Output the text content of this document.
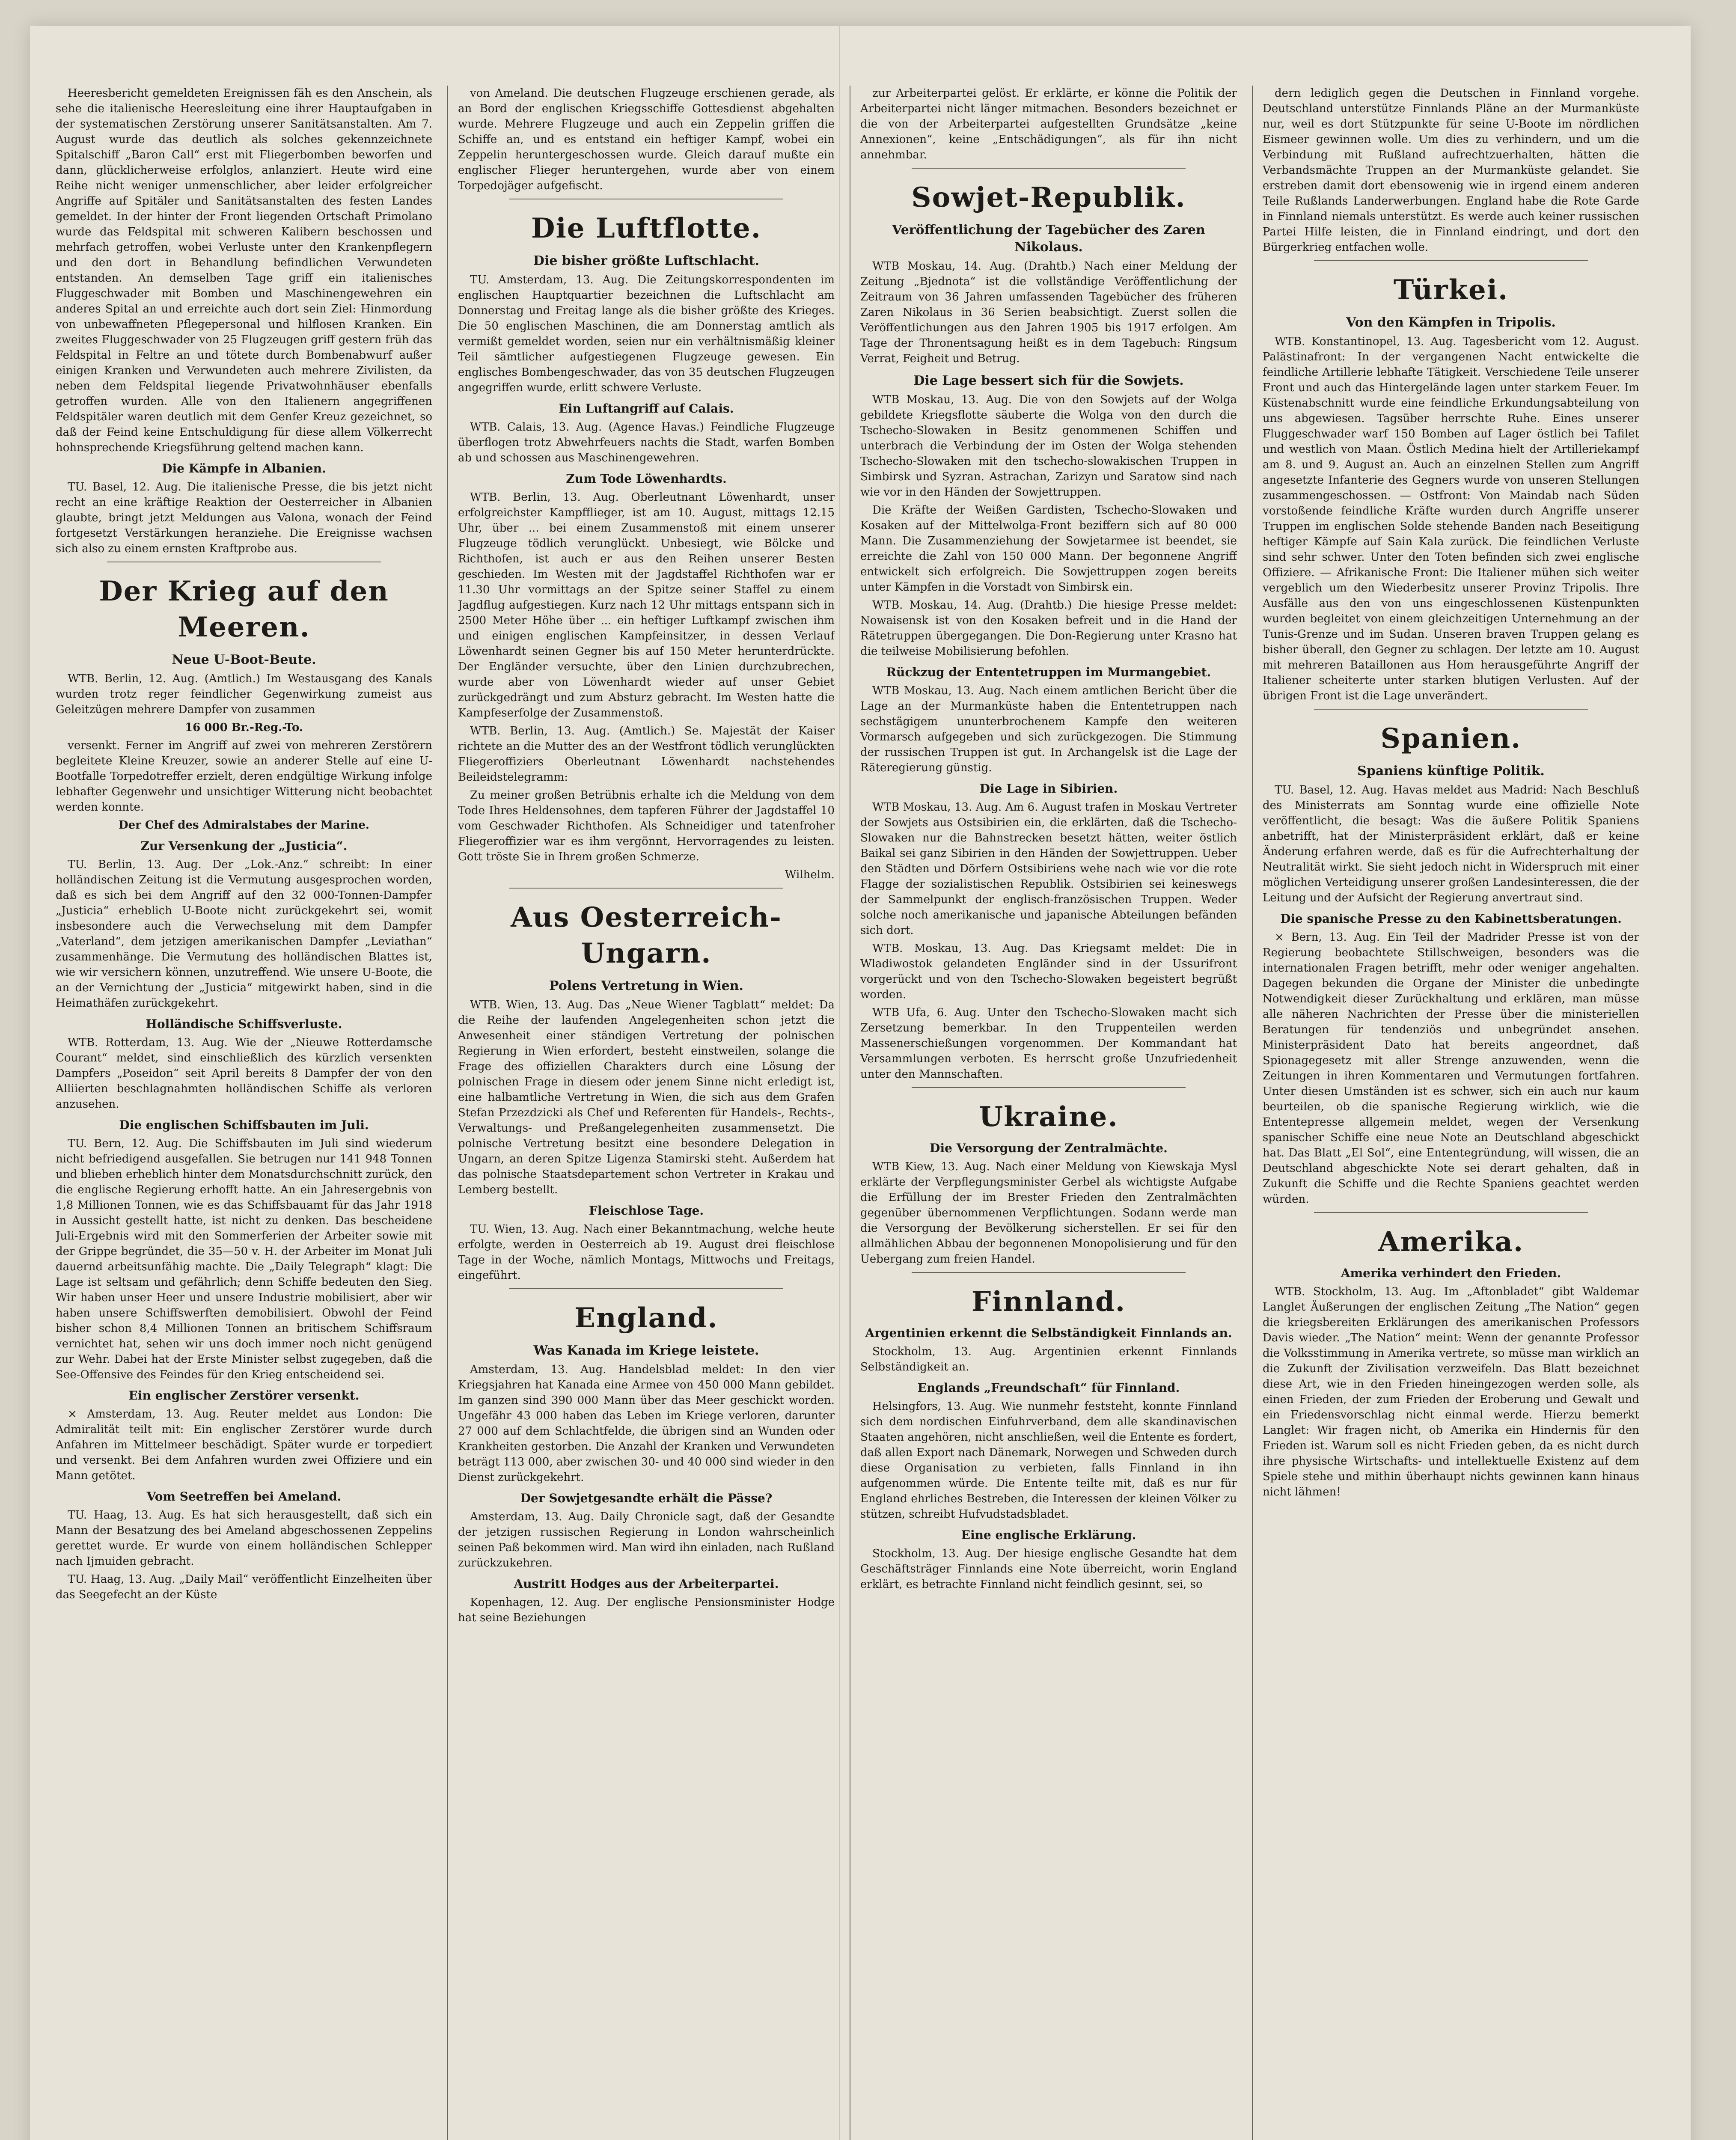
Heeresbericht gemeldeten Ereignissen fäh es den Anschein, als sehe die italienische Heeresleitung eine ihrer Hauptaufgaben in der systematischen Zerstörung unserer Sanitätsanstalten. Am 7. August wurde das deutlich als solches gekennzeichnete Spitalschiff „Baron Call“ erst mit Fliegerbomben beworfen und dann, glücklicherweise erfolglos, anlanziert. Heute wird eine Reihe nicht weniger unmenschlicher, aber leider erfolgreicher Angriffe auf Spitäler und Sanitätsanstalten des festen Landes gemeldet. In der hinter der Front liegenden Ortschaft Primolano wurde das Feldspital mit schweren Kalibern beschossen und mehrfach getroffen, wobei Verluste unter den Krankenpflegern und den dort in Behandlung befindlichen Verwundeten entstanden. An demselben Tage griff ein italienisches Fluggeschwader mit Bomben und Maschinengewehren ein anderes Spital an und erreichte auch dort sein Ziel: Hinmordung von unbewaffneten Pflegepersonal und hilflosen Kranken. Ein zweites Fluggeschwader von 25 Flugzeugen griff gestern früh das Feldspital in Feltre an und tötete durch Bombenabwurf außer einigen Kranken und Verwundeten auch mehrere Zivilisten, da neben dem Feldspital liegende Privatwohnhäuser ebenfalls getroffen wurden. Alle von den Italienern angegriffenen Feldspitäler waren deutlich mit dem Genfer Kreuz gezeichnet, so daß der Feind keine Entschuldigung für diese allem Völkerrecht hohnsprechende Kriegsführung geltend machen kann.

Die Kämpfe in Albanien.

TU. Basel, 12. Aug. Die italienische Presse, die bis jetzt nicht recht an eine kräftige Reaktion der Oesterreicher in Albanien glaubte, bringt jetzt Meldungen aus Valona, wonach der Feind fortgesetzt Verstärkungen heranziehe. Die Ereignisse wachsen sich also zu einem ernsten Kraftprobe aus.

Der Krieg auf den Meeren.
Neue U-Boot-Beute.

WTB. Berlin, 12. Aug. (Amtlich.) Im Westausgang des Kanals wurden trotz reger feindlicher Gegenwirkung zumeist aus Geleitzügen mehrere Dampfer von zusammen

16 000 Br.-Reg.-To.

versenkt. Ferner im Angriff auf zwei von mehreren Zerstörern begleitete Kleine Kreuzer, sowie an anderer Stelle auf eine U-Bootfalle Torpedotreffer erzielt, deren endgültige Wirkung infolge lebhafter Gegenwehr und unsichtiger Witterung nicht beobachtet werden konnte.

Der Chef des Admiralstabes der Marine.

Zur Versenkung der „Justicia“.

TU. Berlin, 13. Aug. Der „Lok.-Anz.“ schreibt: In einer holländischen Zeitung ist die Vermutung ausgesprochen worden, daß es sich bei dem Angriff auf den 32 000-Tonnen-Dampfer „Justicia“ erheblich U-Boote nicht zurückgekehrt sei, womit insbesondere auch die Verwechselung mit dem Dampfer „Vaterland“, dem jetzigen amerikanischen Dampfer „Leviathan“ zusammenhänge. Die Vermutung des holländischen Blattes ist, wie wir versichern können, unzutreffend. Wie unsere U-Boote, die an der Vernichtung der „Justicia“ mitgewirkt haben, sind in die Heimathäfen zurückgekehrt.

Holländische Schiffsverluste.

WTB. Rotterdam, 13. Aug. Wie der „Nieuwe Rotterdamsche Courant“ meldet, sind einschließlich des kürzlich versenkten Dampfers „Poseidon“ seit April bereits 8 Dampfer der von den Alliierten beschlagnahmten holländischen Schiffe als verloren anzusehen.

Die englischen Schiffsbauten im Juli.

TU. Bern, 12. Aug. Die Schiffsbauten im Juli sind wiederum nicht befriedigend ausgefallen. Sie betrugen nur 141 948 Tonnen und blieben erheblich hinter dem Monatsdurchschnitt zurück, den die englische Regierung erhofft hatte. An ein Jahresergebnis von 1,8 Millionen Tonnen, wie es das Schiffsbauamt für das Jahr 1918 in Aussicht gestellt hatte, ist nicht zu denken. Das bescheidene Juli-Ergebnis wird mit den Sommerferien der Arbeiter sowie mit der Grippe begründet, die 35—50 v. H. der Arbeiter im Monat Juli dauernd arbeitsunfähig machte. Die „Daily Telegraph“ klagt: Die Lage ist seltsam und gefährlich; denn Schiffe bedeuten den Sieg. Wir haben unser Heer und unsere Industrie mobilisiert, aber wir haben unsere Schiffswerften demobilisiert. Obwohl der Feind bisher schon 8,4 Millionen Tonnen an britischem Schiffsraum vernichtet hat, sehen wir uns doch immer noch nicht genügend zur Wehr. Dabei hat der Erste Minister selbst zugegeben, daß die See-Offensive des Feindes für den Krieg entscheidend sei.

Ein englischer Zerstörer versenkt.

× Amsterdam, 13. Aug. Reuter meldet aus London: Die Admiralität teilt mit: Ein englischer Zerstörer wurde durch Anfahren im Mittelmeer beschädigt. Später wurde er torpediert und versenkt. Bei dem Anfahren wurden zwei Offiziere und ein Mann getötet.

Vom Seetreffen bei Ameland.

TU. Haag, 13. Aug. Es hat sich herausgestellt, daß sich ein Mann der Besatzung des bei Ameland abgeschossenen Zeppelins gerettet wurde. Er wurde von einem holländischen Schlepper nach Ijmuiden gebracht.

TU. Haag, 13. Aug. „Daily Mail“ veröffentlicht Einzelheiten über das Seegefecht an der Küste

von Ameland. Die deutschen Flugzeuge erschienen gerade, als an Bord der englischen Kriegsschiffe Gottesdienst abgehalten wurde. Mehrere Flugzeuge und auch ein Zeppelin griffen die Schiffe an, und es entstand ein heftiger Kampf, wobei ein Zeppelin heruntergeschossen wurde. Gleich darauf mußte ein englischer Flieger heruntergehen, wurde aber von einem Torpedojäger aufgefischt.

Die Luftflotte.
Die bisher größte Luftschlacht.

TU. Amsterdam, 13. Aug. Die Zeitungskorrespondenten im englischen Hauptquartier bezeichnen die Luftschlacht am Donnerstag und Freitag lange als die bisher größte des Krieges. Die 50 englischen Maschinen, die am Donnerstag amtlich als vermißt gemeldet worden, seien nur ein verhältnismäßig kleiner Teil sämtlicher aufgestiegenen Flugzeuge gewesen. Ein englisches Bombengeschwader, das von 35 deutschen Flugzeugen angegriffen wurde, erlitt schwere Verluste.

Ein Luftangriff auf Calais.

WTB. Calais, 13. Aug. (Agence Havas.) Feindliche Flugzeuge überflogen trotz Abwehrfeuers nachts die Stadt, warfen Bomben ab und schossen aus Maschinengewehren.

Zum Tode Löwenhardts.

WTB. Berlin, 13. Aug. Oberleutnant Löwenhardt, unser erfolgreichster Kampfflieger, ist am 10. August, mittags 12.15 Uhr, über ... bei einem Zusammenstoß mit einem unserer Flugzeuge tödlich verunglückt. Unbesiegt, wie Bölcke und Richthofen, ist auch er aus den Reihen unserer Besten geschieden. Im Westen mit der Jagdstaffel Richthofen war er 11.30 Uhr vormittags an der Spitze seiner Staffel zu einem Jagdflug aufgestiegen. Kurz nach 12 Uhr mittags entspann sich in 2500 Meter Höhe über ... ein heftiger Luftkampf zwischen ihm und einigen englischen Kampfeinsitzer, in dessen Verlauf Löwenhardt seinen Gegner bis auf 150 Meter herunterdrückte. Der Engländer versuchte, über den Linien durchzubrechen, wurde aber von Löwenhardt wieder auf unser Gebiet zurückgedrängt und zum Absturz gebracht. Im Westen hatte die Kampfeserfolge der Zusammenstoß.

WTB. Berlin, 13. Aug. (Amtlich.) Se. Majestät der Kaiser richtete an die Mutter des an der Westfront tödlich verunglückten Fliegeroffiziers Oberleutnant Löwenhardt nachstehendes Beileidstelegramm:

Zu meiner großen Betrübnis erhalte ich die Meldung von dem Tode Ihres Heldensohnes, dem tapferen Führer der Jagdstaffel 10 vom Geschwader Richthofen. Als Schneidiger und tatenfroher Fliegeroffizier war es ihm vergönnt, Hervorragendes zu leisten. Gott tröste Sie in Ihrem großen Schmerze.

Wilhelm.

Aus Oesterreich-Ungarn.
Polens Vertretung in Wien.

WTB. Wien, 13. Aug. Das „Neue Wiener Tagblatt“ meldet: Da die Reihe der laufenden Angelegenheiten schon jetzt die Anwesenheit einer ständigen Vertretung der polnischen Regierung in Wien erfordert, besteht einstweilen, solange die Frage des offiziellen Charakters durch eine Lösung der polnischen Frage in diesem oder jenem Sinne nicht erledigt ist, eine halbamtliche Vertretung in Wien, die sich aus dem Grafen Stefan Przezdzicki als Chef und Referenten für Handels-, Rechts-, Verwaltungs- und Preßangelegenheiten zusammensetzt. Die polnische Vertretung besitzt eine besondere Delegation in Ungarn, an deren Spitze Ligenza Stamirski steht. Außerdem hat das polnische Staatsdepartement schon Vertreter in Krakau und Lemberg bestellt.

Fleischlose Tage.

TU. Wien, 13. Aug. Nach einer Bekanntmachung, welche heute erfolgte, werden in Oesterreich ab 19. August drei fleischlose Tage in der Woche, nämlich Montags, Mittwochs und Freitags, eingeführt.

England.
Was Kanada im Kriege leistete.

Amsterdam, 13. Aug. Handelsblad meldet: In den vier Kriegsjahren hat Kanada eine Armee von 450 000 Mann gebildet. Im ganzen sind 390 000 Mann über das Meer geschickt worden. Ungefähr 43 000 haben das Leben im Kriege verloren, darunter 27 000 auf dem Schlachtfelde, die übrigen sind an Wunden oder Krankheiten gestorben. Die Anzahl der Kranken und Verwundeten beträgt 113 000, aber zwischen 30- und 40 000 sind wieder in den Dienst zurückgekehrt.

Der Sowjetgesandte erhält die Pässe?

Amsterdam, 13. Aug. Daily Chronicle sagt, daß der Gesandte der jetzigen russischen Regierung in London wahrscheinlich seinen Paß bekommen wird. Man wird ihn einladen, nach Rußland zurückzukehren.

Austritt Hodges aus der Arbeiterpartei.

Kopenhagen, 12. Aug. Der englische Pensionsminister Hodge hat seine Beziehungen

zur Arbeiterpartei gelöst. Er erklärte, er könne die Politik der Arbeiterpartei nicht länger mitmachen. Besonders bezeichnet er die von der Arbeiterpartei aufgestellten Grundsätze „keine Annexionen“, keine „Entschädigungen“, als für ihn nicht annehmbar.

Sowjet-Republik.
Veröffentlichung der Tagebücher des Zaren Nikolaus.

WTB Moskau, 14. Aug. (Drahtb.) Nach einer Meldung der Zeitung „Bjednota“ ist die vollständige Veröffentlichung der Zeitraum von 36 Jahren umfassenden Tagebücher des früheren Zaren Nikolaus in 36 Serien beabsichtigt. Zuerst sollen die Veröffentlichungen aus den Jahren 1905 bis 1917 erfolgen. Am Tage der Thronentsagung heißt es in dem Tagebuch: Ringsum Verrat, Feigheit und Betrug.

Die Lage bessert sich für die Sowjets.

WTB Moskau, 13. Aug. Die von den Sowjets auf der Wolga gebildete Kriegsflotte säuberte die Wolga von den durch die Tschecho-Slowaken in Besitz genommenen Schiffen und unterbrach die Verbindung der im Osten der Wolga stehenden Tschecho-Slowaken mit den tschecho-slowakischen Truppen in Simbirsk und Syzran. Astrachan, Zarizyn und Saratow sind nach wie vor in den Händen der Sowjettruppen.

Die Kräfte der Weißen Gardisten, Tschecho-Slowaken und Kosaken auf der Mittelwolga-Front beziffern sich auf 80 000 Mann. Die Zusammenziehung der Sowjetarmee ist beendet, sie erreichte die Zahl von 150 000 Mann. Der begonnene Angriff entwickelt sich erfolgreich. Die Sowjettruppen zogen bereits unter Kämpfen in die Vorstadt von Simbirsk ein.

WTB. Moskau, 14. Aug. (Drahtb.) Die hiesige Presse meldet: Nowaisensk ist von den Kosaken befreit und in die Hand der Rätetruppen übergegangen. Die Don-Regierung unter Krasno hat die teilweise Mobilisierung befohlen.

Rückzug der Ententetruppen im Murmangebiet.

WTB Moskau, 13. Aug. Nach einem amtlichen Bericht über die Lage an der Murmanküste haben die Ententetruppen nach sechstägigem ununterbrochenem Kampfe den weiteren Vormarsch aufgegeben und sich zurückgezogen. Die Stimmung der russischen Truppen ist gut. In Archangelsk ist die Lage der Räteregierung günstig.

Die Lage in Sibirien.

WTB Moskau, 13. Aug. Am 6. August trafen in Moskau Vertreter der Sowjets aus Ostsibirien ein, die erklärten, daß die Tschecho-Slowaken nur die Bahnstrecken besetzt hätten, weiter östlich Baikal sei ganz Sibirien in den Händen der Sowjettruppen. Ueber den Städten und Dörfern Ostsibiriens wehe nach wie vor die rote Flagge der sozialistischen Republik. Ostsibirien sei keineswegs der Sammelpunkt der englisch-französischen Truppen. Weder solche noch amerikanische und japanische Abteilungen befänden sich dort.

WTB. Moskau, 13. Aug. Das Kriegsamt meldet: Die in Wladiwostok gelandeten Engländer sind in der Ussurifront vorgerückt und von den Tschecho-Slowaken begeistert begrüßt worden.

WTB Ufa, 6. Aug. Unter den Tschecho-Slowaken macht sich Zersetzung bemerkbar. In den Truppenteilen werden Massenerschießungen vorgenommen. Der Kommandant hat Versammlungen verboten. Es herrscht große Unzufriedenheit unter den Mannschaften.

Ukraine.
Die Versorgung der Zentralmächte.

WTB Kiew, 13. Aug. Nach einer Meldung von Kiewskaja Mysl erklärte der Verpflegungsminister Gerbel als wichtigste Aufgabe die Erfüllung der im Brester Frieden den Zentralmächten gegenüber übernommenen Verpflichtungen. Sodann werde man die Versorgung der Bevölkerung sicherstellen. Er sei für den allmählichen Abbau der begonnenen Monopolisierung und für den Uebergang zum freien Handel.

Finnland.
Argentinien erkennt die Selbständigkeit Finnlands an.

Stockholm, 13. Aug. Argentinien erkennt Finnlands Selbständigkeit an.

Englands „Freundschaft“ für Finnland.

Helsingfors, 13. Aug. Wie nunmehr feststeht, konnte Finnland sich dem nordischen Einfuhrverband, dem alle skandinavischen Staaten angehören, nicht anschließen, weil die Entente es fordert, daß allen Export nach Dänemark, Norwegen und Schweden durch diese Organisation zu verbieten, falls Finnland in ihn aufgenommen würde. Die Entente teilte mit, daß es nur für England ehrliches Bestreben, die Interessen der kleinen Völker zu stützen, schreibt Hufvudstadsbladet.

Eine englische Erklärung.

Stockholm, 13. Aug. Der hiesige englische Gesandte hat dem Geschäftsträger Finnlands eine Note überreicht, worin England erklärt, es betrachte Finnland nicht feindlich gesinnt, sei, so

dern lediglich gegen die Deutschen in Finnland vorgehe. Deutschland unterstütze Finnlands Pläne an der Murmanküste nur, weil es dort Stützpunkte für seine U-Boote im nördlichen Eismeer gewinnen wolle. Um dies zu verhindern, und um die Verbindung mit Rußland aufrechtzuerhalten, hätten die Verbandsmächte Truppen an der Murmanküste gelandet. Sie erstreben damit dort ebensowenig wie in irgend einem anderen Teile Rußlands Landerwerbungen. England habe die Rote Garde in Finnland niemals unterstützt. Es werde auch keiner russischen Partei Hilfe leisten, die in Finnland eindringt, und dort den Bürgerkrieg entfachen wolle.

Türkei.
Von den Kämpfen in Tripolis.

WTB. Konstantinopel, 13. Aug. Tagesbericht vom 12. August. Palästinafront: In der vergangenen Nacht entwickelte die feindliche Artillerie lebhafte Tätigkeit. Verschiedene Teile unserer Front und auch das Hintergelände lagen unter starkem Feuer. Im Küstenabschnitt wurde eine feindliche Erkundungsabteilung von uns abgewiesen. Tagsüber herrschte Ruhe. Eines unserer Fluggeschwader warf 150 Bomben auf Lager östlich bei Tafilet und westlich von Maan. Östlich Medina hielt der Artilleriekampf am 8. und 9. August an. Auch an einzelnen Stellen zum Angriff angesetzte Infanterie des Gegners wurde von unseren Stellungen zusammengeschossen. — Ostfront: Von Maindab nach Süden vorstoßende feindliche Kräfte wurden durch Angriffe unserer Truppen im englischen Solde stehende Banden nach Beseitigung heftiger Kämpfe auf Sain Kala zurück. Die feindlichen Verluste sind sehr schwer. Unter den Toten befinden sich zwei englische Offiziere. — Afrikanische Front: Die Italiener mühen sich weiter vergeblich um den Wiederbesitz unserer Provinz Tripolis. Ihre Ausfälle aus den von uns eingeschlossenen Küstenpunkten wurden begleitet von einem gleichzeitigen Unternehmung an der Tunis-Grenze und im Sudan. Unseren braven Truppen gelang es bisher überall, den Gegner zu schlagen. Der letzte am 10. August mit mehreren Bataillonen aus Hom herausgeführte Angriff der Italiener scheiterte unter starken blutigen Verlusten. Auf der übrigen Front ist die Lage unverändert.

Spanien.
Spaniens künftige Politik.

TU. Basel, 12. Aug. Havas meldet aus Madrid: Nach Beschluß des Ministerrats am Sonntag wurde eine offizielle Note veröffentlicht, die besagt: Was die äußere Politik Spaniens anbetrifft, hat der Ministerpräsident erklärt, daß er keine Änderung erfahren werde, daß es für die Aufrechterhaltung der Neutralität wirkt. Sie sieht jedoch nicht in Widerspruch mit einer möglichen Verteidigung unserer großen Landesinteressen, die der Leitung und der Aufsicht der Regierung anvertraut sind.

Die spanische Presse zu den Kabinettsberatungen.

× Bern, 13. Aug. Ein Teil der Madrider Presse ist von der Regierung beobachtete Stillschweigen, besonders was die internationalen Fragen betrifft, mehr oder weniger angehalten. Dagegen bekunden die Organe der Minister die unbedingte Notwendigkeit dieser Zurückhaltung und erklären, man müsse alle näheren Nachrichten der Presse über die ministeriellen Beratungen für tendenziös und unbegründet ansehen. Ministerpräsident Dato hat bereits angeordnet, daß Spionagegesetz mit aller Strenge anzuwenden, wenn die Zeitungen in ihren Kommentaren und Vermutungen fortfahren. Unter diesen Umständen ist es schwer, sich ein auch nur kaum beurteilen, ob die spanische Regierung wirklich, wie die Ententepresse allgemein meldet, wegen der Versenkung spanischer Schiffe eine neue Note an Deutschland abgeschickt hat. Das Blatt „El Sol“, eine Ententegründung, will wissen, die an Deutschland abgeschickte Note sei derart gehalten, daß in Zukunft die Schiffe und die Rechte Spaniens geachtet werden würden.

Amerika.
Amerika verhindert den Frieden.

WTB. Stockholm, 13. Aug. Im „Aftonbladet“ gibt Waldemar Langlet Äußerungen der englischen Zeitung „The Nation“ gegen die kriegsbereiten Erklärungen des amerikanischen Professors Davis wieder. „The Nation“ meint: Wenn der genannte Professor die Volksstimmung in Amerika vertrete, so müsse man wirklich an die Zukunft der Zivilisation verzweifeln. Das Blatt bezeichnet diese Art, wie in den Frieden hineingezogen werden solle, als einen Frieden, der zum Frieden der Eroberung und Gewalt und ein Friedensvorschlag nicht einmal werde. Hierzu bemerkt Langlet: Wir fragen nicht, ob Amerika ein Hindernis für den Frieden ist. Warum soll es nicht Frieden geben, da es nicht durch ihre physische Wirtschafts- und intellektuelle Existenz auf dem Spiele stehe und mithin überhaupt nichts gewinnen kann hinaus nicht lähmen!
